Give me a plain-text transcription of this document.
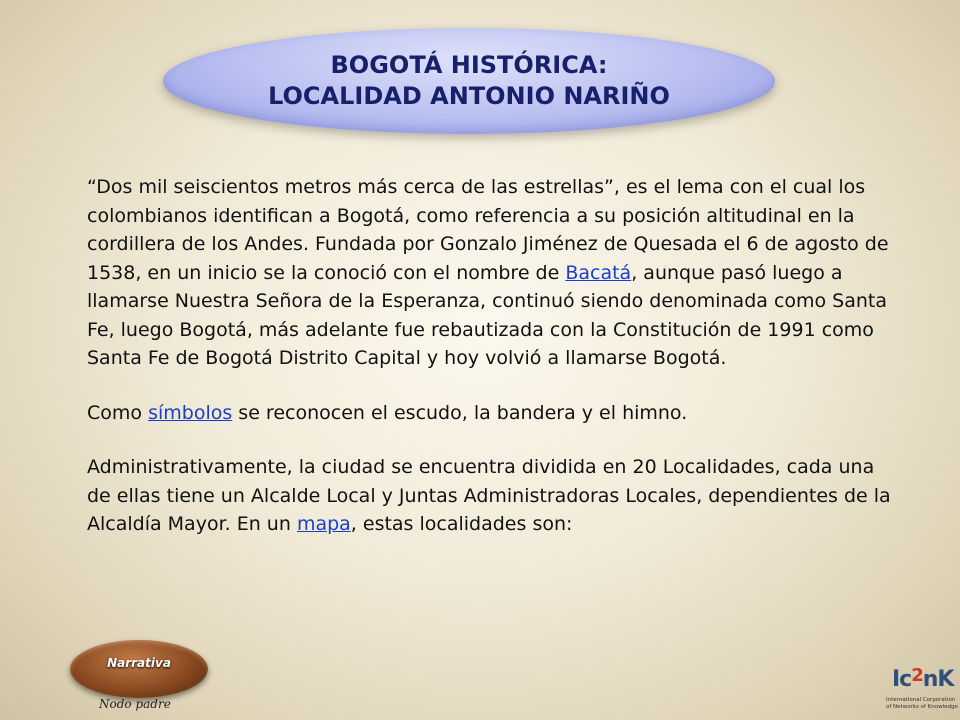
BOGOTÁ HISTÓRICA:
LOCALIDAD ANTONIO NARIÑO

“Dos mil seiscientos metros más cerca de las estrellas”, es el lema con el cual los colombianos identifican a Bogotá, como referencia a su posición altitudinal en la cordillera de los Andes. Fundada por Gonzalo Jiménez de Quesada el 6 de agosto de 1538, en un inicio se la conoció con el nombre de Bacatá, aunque pasó luego a llamarse Nuestra Señora de la Esperanza, continuó siendo denominada como Santa Fe, luego Bogotá, más adelante fue rebautizada con la Constitución de 1991 como Santa Fe de Bogotá Distrito Capital y hoy volvió a llamarse Bogotá.

Como símbolos se reconocen el escudo, la bandera y el himno.

Administrativamente, la ciudad se encuentra dividida en 20 Localidades, cada una de ellas tiene un Alcalde Local y Juntas Administradoras Locales, dependientes de la Alcaldía Mayor. En un mapa, estas localidades son:

Narrativa
Nodo padre
Ic$^2$nK
International Corporation
of Networks of Knowledge
